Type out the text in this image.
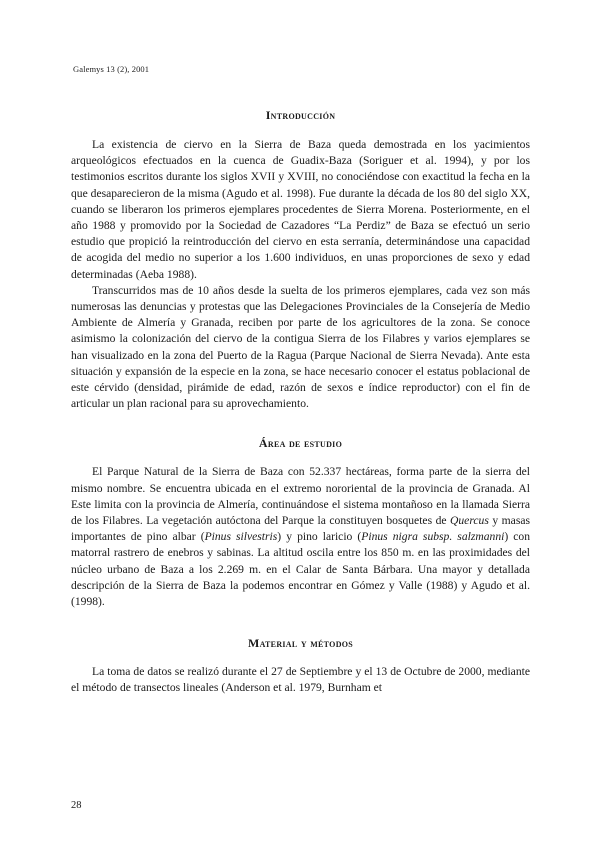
Galemys 13 (2), 2001
Introducción

La existencia de ciervo en la Sierra de Baza queda demostrada en los yacimientos arqueológicos efectuados en la cuenca de Guadix-Baza (Soriguer et al. 1994), y por los testimonios escritos durante los siglos XVII y XVIII, no conociéndose con exactitud la fecha en la que desaparecieron de la misma (Agudo et al. 1998). Fue durante la década de los 80 del siglo XX, cuando se liberaron los primeros ejemplares procedentes de Sierra Morena. Posteriormente, en el año 1988 y promovido por la Sociedad de Cazadores “La Perdiz” de Baza se efectuó un serio estudio que propició la reintroducción del ciervo en esta serranía, determinándose una capacidad de acogida del medio no superior a los 1.600 individuos, en unas proporciones de sexo y edad determinadas (Aeba 1988).

Transcurridos mas de 10 años desde la suelta de los primeros ejemplares, cada vez son más numerosas las denuncias y protestas que las Delegaciones Provinciales de la Consejería de Medio Ambiente de Almería y Granada, reciben por parte de los agricultores de la zona. Se conoce asimismo la colonización del ciervo de la contigua Sierra de los Filabres y varios ejemplares se han visualizado en la zona del Puerto de la Ragua (Parque Nacional de Sierra Nevada). Ante esta situación y expansión de la especie en la zona, se hace necesario conocer el estatus poblacional de este cérvido (densidad, pirámide de edad, razón de sexos e índice reproductor) con el fin de articular un plan racional para su aprovechamiento.

Área de estudio

El Parque Natural de la Sierra de Baza con 52.337 hectáreas, forma parte de la sierra del mismo nombre. Se encuentra ubicada en el extremo nororiental de la provincia de Granada. Al Este limita con la provincia de Almería, continuándose el sistema montañoso en la llamada Sierra de los Filabres. La vegetación autóctona del Parque la constituyen bosquetes de Quercus y masas importantes de pino albar (Pinus silvestris) y pino laricio (Pinus nigra subsp. salzmanni) con matorral rastrero de enebros y sabinas. La altitud oscila entre los 850 m. en las proximidades del núcleo urbano de Baza a los 2.269 m. en el Calar de Santa Bárbara. Una mayor y detallada descripción de la Sierra de Baza la podemos encontrar en Gómez y Valle (1988) y Agudo et al. (1998).

Material y métodos

La toma de datos se realizó durante el 27 de Septiembre y el 13 de Octubre de 2000, mediante el método de transectos lineales (Anderson et al. 1979, Burnham et

28
